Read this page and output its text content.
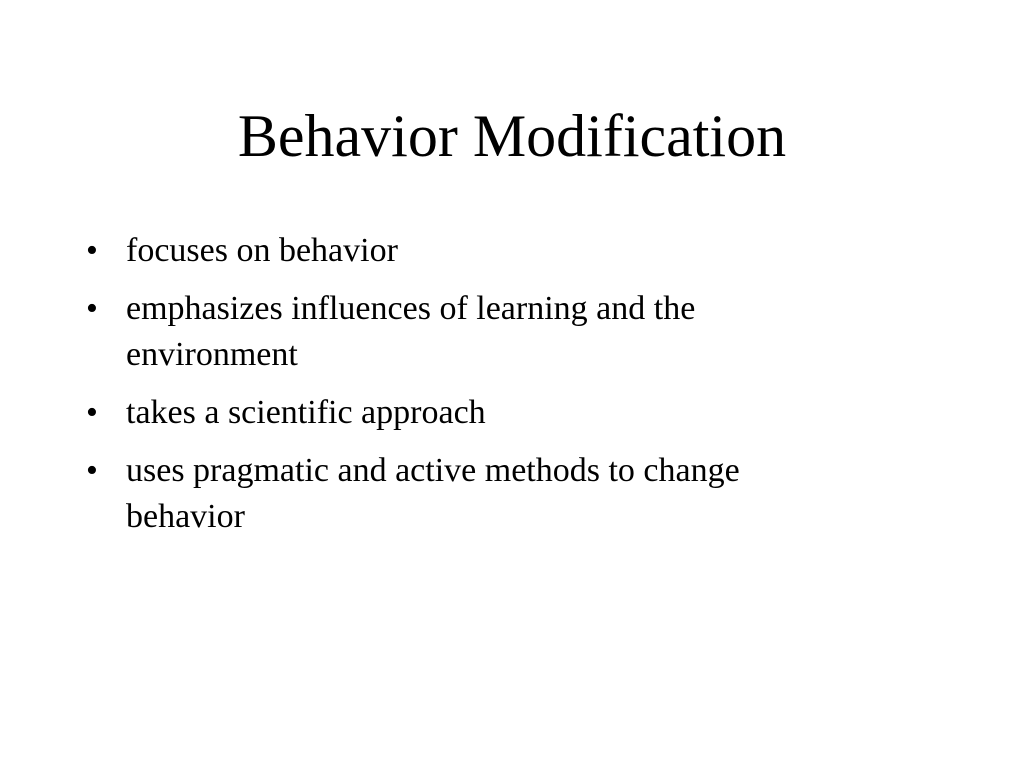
Behavior Modification
• focuses on behavior
• emphasizes influences of learning and the environment
• takes a scientific approach
• uses pragmatic and active methods to change behavior
